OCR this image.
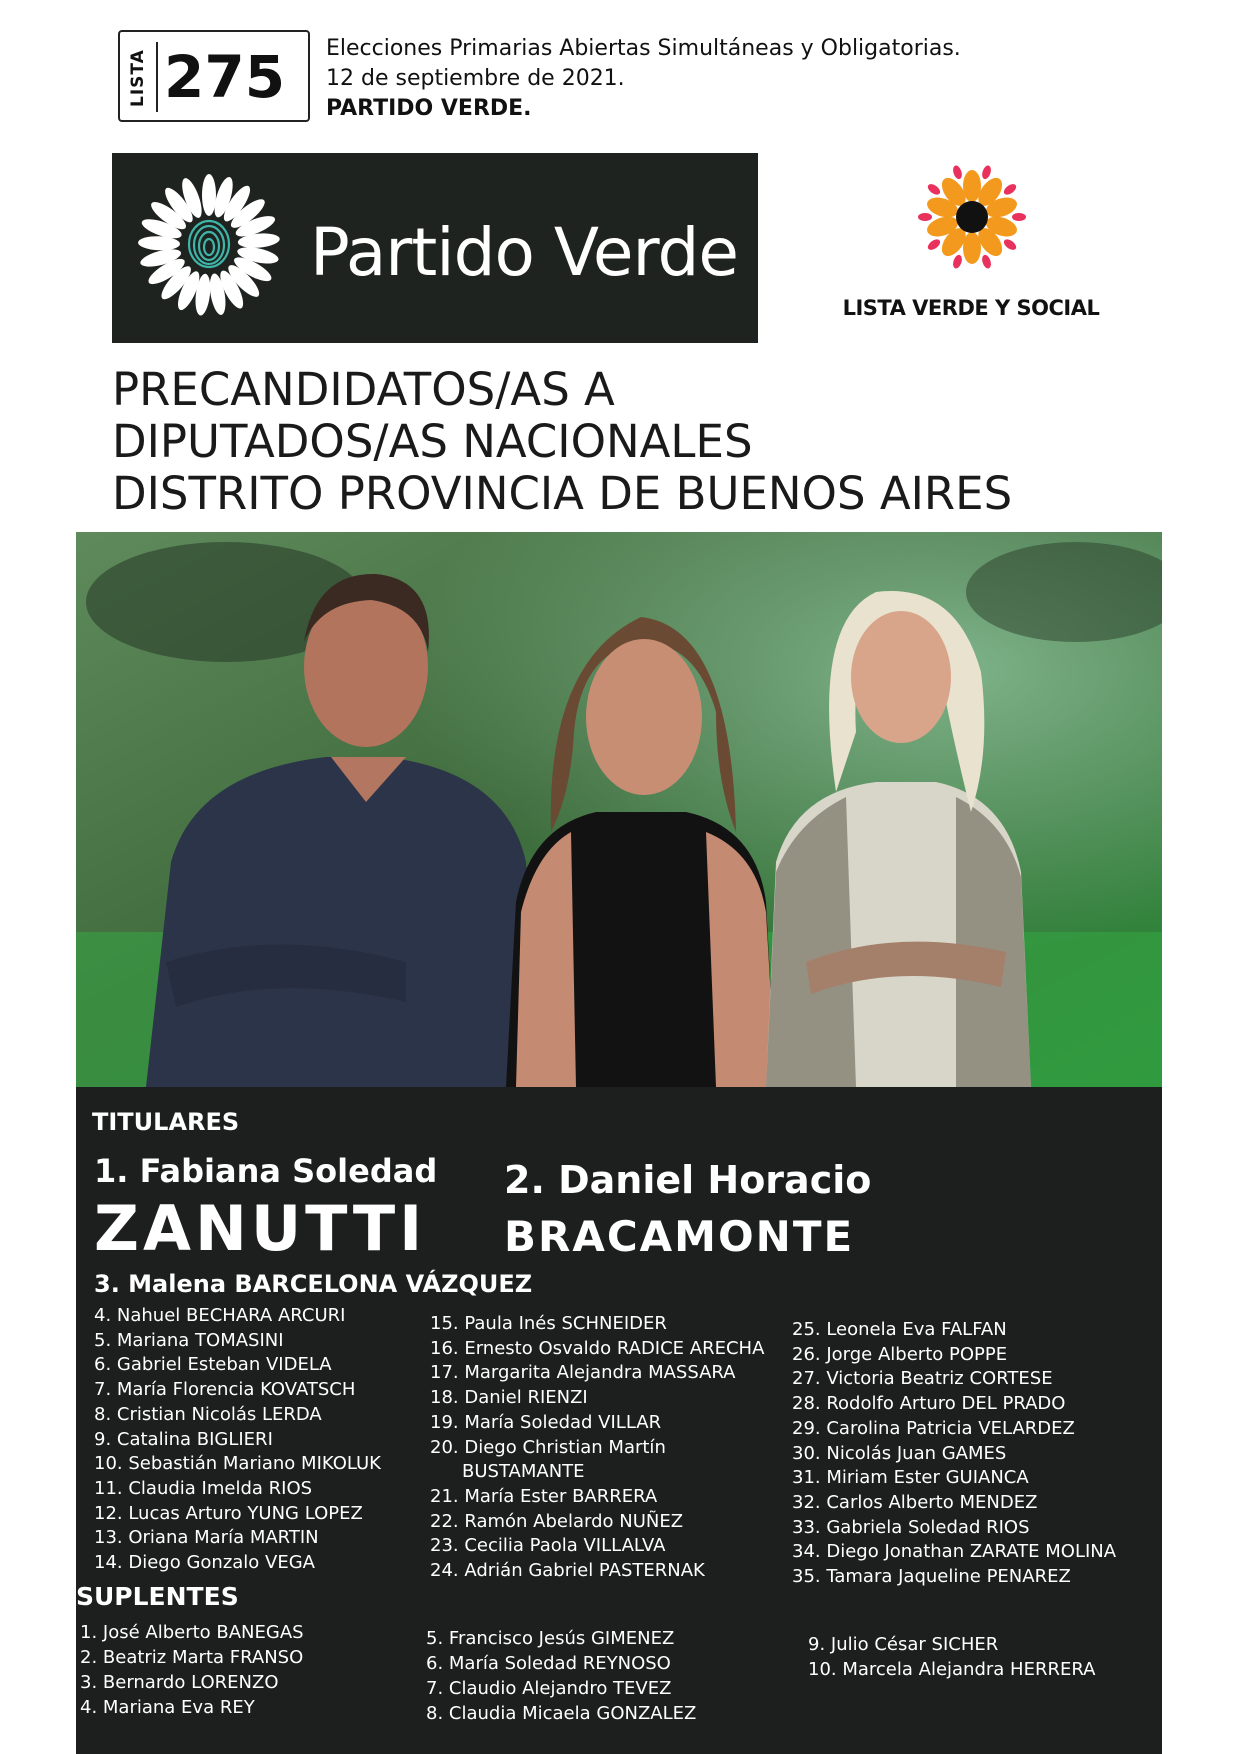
LISTA 275 Elecciones Primarias Abiertas Simultáneas y Obligatorias.
12 de septiembre de 2021.
PARTIDO VERDE.
Partido Verde
LISTA VERDE Y SOCIAL
PRECANDIDATOS/AS A
DIPUTADOS/AS NACIONALES
DISTRITO PROVINCIA DE BUENOS AIRES
TITULARES
1. Fabiana Soledad
ZANUTTI
2. Daniel Horacio
BRACAMONTE
3. Malena BARCELONA VÁZQUEZ
4. Nahuel BECHARA ARCURI
5. Mariana TOMASINI
6. Gabriel Esteban VIDELA
7. María Florencia KOVATSCH
8. Cristian Nicolás LERDA
9. Catalina BIGLIERI
10. Sebastián Mariano MIKOLUK
11. Claudia Imelda RIOS
12. Lucas Arturo YUNG LOPEZ
13. Oriana María MARTIN
14. Diego Gonzalo VEGA
15. Paula Inés SCHNEIDER
16. Ernesto Osvaldo RADICE ARECHA
17. Margarita Alejandra MASSARA
18. Daniel RIENZI
19. María Soledad VILLAR
20. Diego Christian Martín
BUSTAMANTE
21. María Ester BARRERA
22. Ramón Abelardo NUÑEZ
23. Cecilia Paola VILLALVA
24. Adrián Gabriel PASTERNAK
25. Leonela Eva FALFAN
26. Jorge Alberto POPPE
27. Victoria Beatriz CORTESE
28. Rodolfo Arturo DEL PRADO
29. Carolina Patricia VELARDEZ
30. Nicolás Juan GAMES
31. Miriam Ester GUIANCA
32. Carlos Alberto MENDEZ
33. Gabriela Soledad RIOS
34. Diego Jonathan ZARATE MOLINA
35. Tamara Jaqueline PENAREZ
SUPLENTES
1. José Alberto BANEGAS
2. Beatriz Marta FRANSO
3. Bernardo LORENZO
4. Mariana Eva REY
5. Francisco Jesús GIMENEZ
6. María Soledad REYNOSO
7. Claudio Alejandro TEVEZ
8. Claudia Micaela GONZALEZ
9. Julio César SICHER
10. Marcela Alejandra HERRERA
